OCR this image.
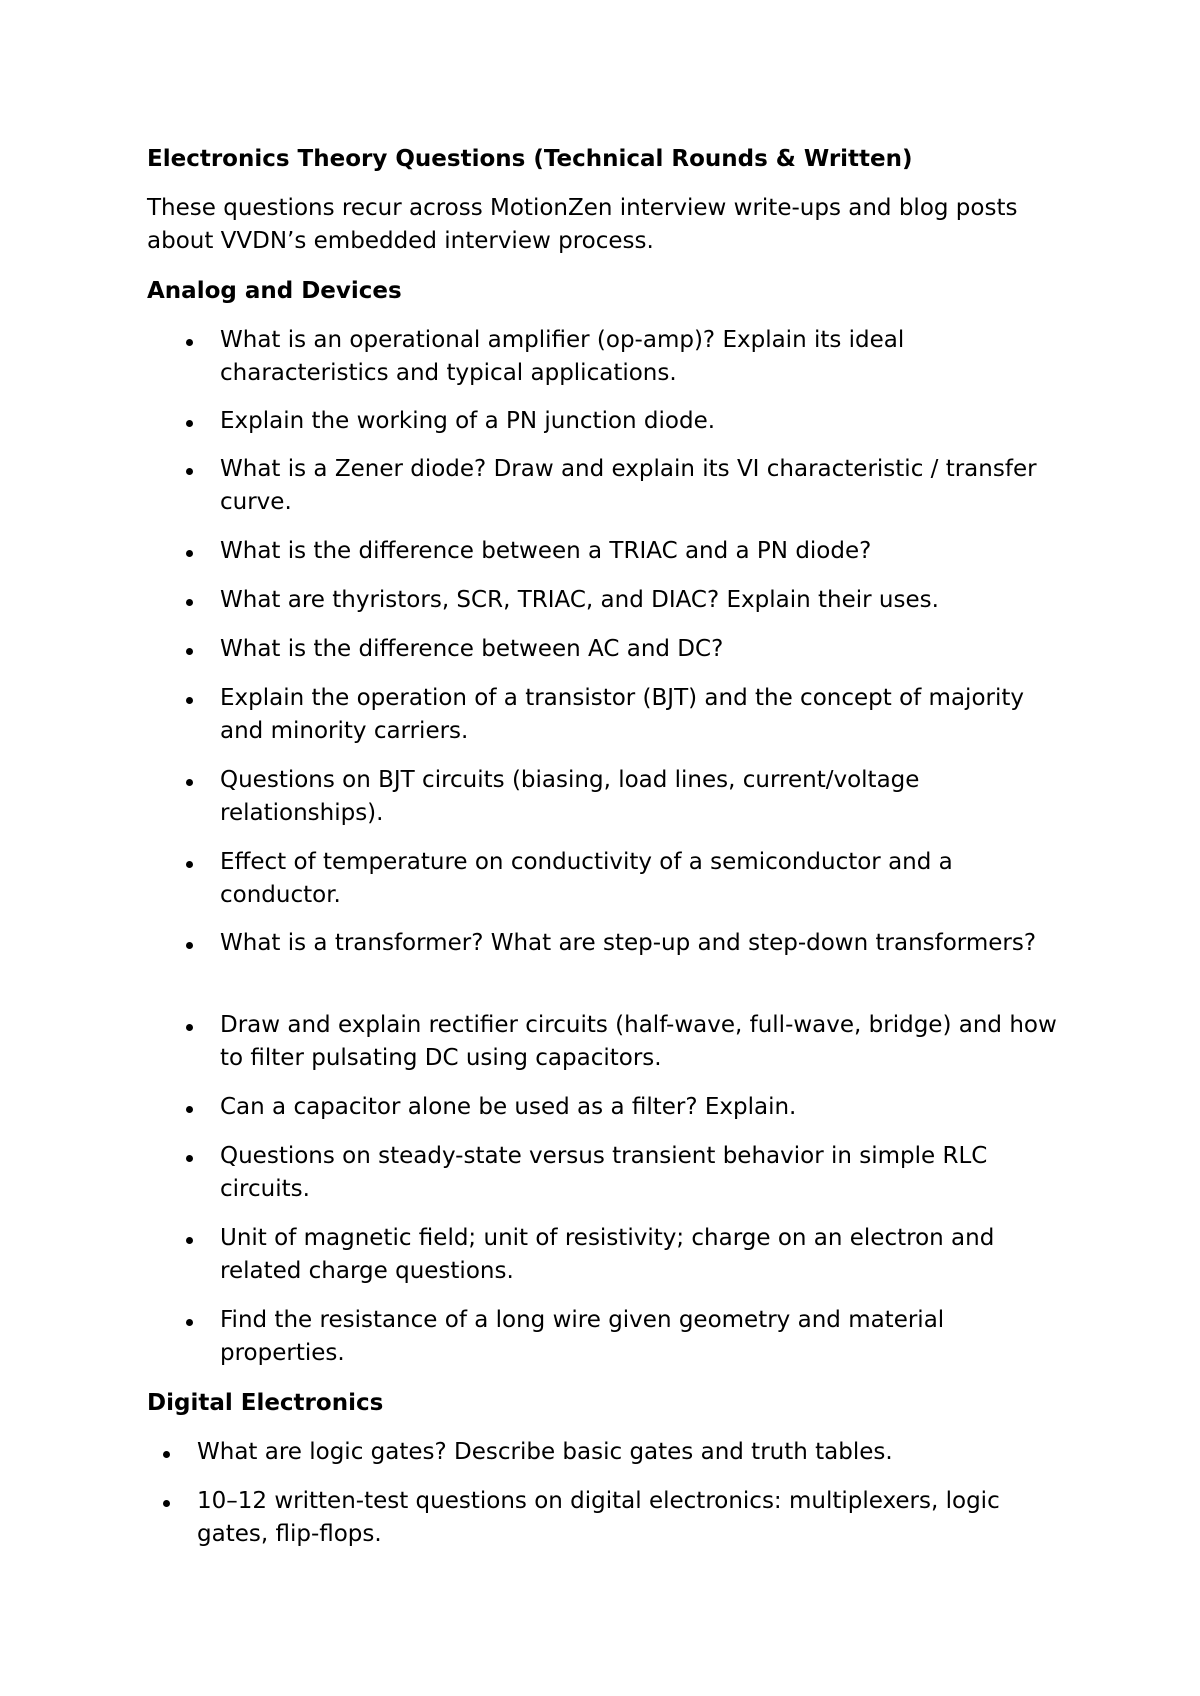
Electronics Theory Questions (Technical Rounds & Written)
These questions recur across MotionZen interview write-ups and blog posts about VVDN’s embedded interview process.
Analog and Devices
What is an operational amplifier (op-amp)? Explain its ideal characteristics and typical applications.
Explain the working of a PN junction diode.
What is a Zener diode? Draw and explain its VI characteristic / transfer curve.
What is the difference between a TRIAC and a PN diode?
What are thyristors, SCR, TRIAC, and DIAC? Explain their uses.
What is the difference between AC and DC?
Explain the operation of a transistor (BJT) and the concept of majority and minority carriers.
Questions on BJT circuits (biasing, load lines, current/voltage relationships).
Effect of temperature on conductivity of a semiconductor and a conductor.
What is a transformer? What are step-up and step-down transformers?
Draw and explain rectifier circuits (half-wave, full-wave, bridge) and how to filter pulsating DC using capacitors.
Can a capacitor alone be used as a filter? Explain.
Questions on steady-state versus transient behavior in simple RLC circuits.
Unit of magnetic field; unit of resistivity; charge on an electron and related charge questions.
Find the resistance of a long wire given geometry and material properties.
Digital Electronics
What are logic gates? Describe basic gates and truth tables.
10–12 written-test questions on digital electronics: multiplexers, logic gates, flip-flops.
